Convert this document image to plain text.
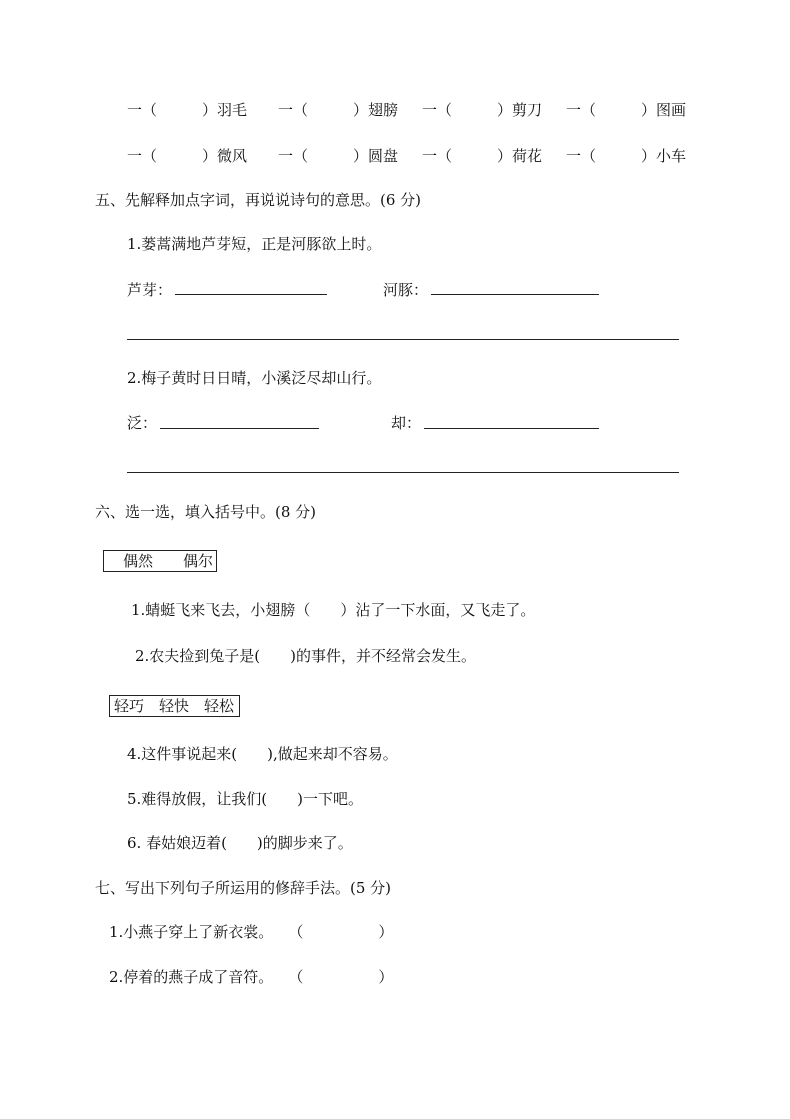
一（　　　）羽毛 一（　　　）翅膀 一（　　　）剪刀 一（　　　）图画
一（　　　）微风 一（　　　）圆盘 一（　　　）荷花 一（　　　）小车
五、先解释加点字词，再说说诗句的意思。(6 分)
1.蒌蒿满地芦芽短，正是河豚欲上时。
芦芽：	河豚：
2.梅子黄时日日晴，小溪泛尽却山行。
泛：	却：
六、选一选，填入括号中。(8 分)
　偶然　　偶尔
1.蜻蜓飞来飞去，小翅膀（　　）沾了一下水面，又飞走了。
2.农夫捡到兔子是(　　)的事件，并不经常会发生。
轻巧　轻快　轻松
4.这件事说起来(　　),做起来却不容易。
5.难得放假，让我们(　　)一下吧。
6. 春姑娘迈着(　　)的脚步来了。
七、写出下列句子所运用的修辞手法。(5 分)
1.小燕子穿上了新衣裳。　　（　　　　　）
2.停着的燕子成了音符。　　（　　　　　）
